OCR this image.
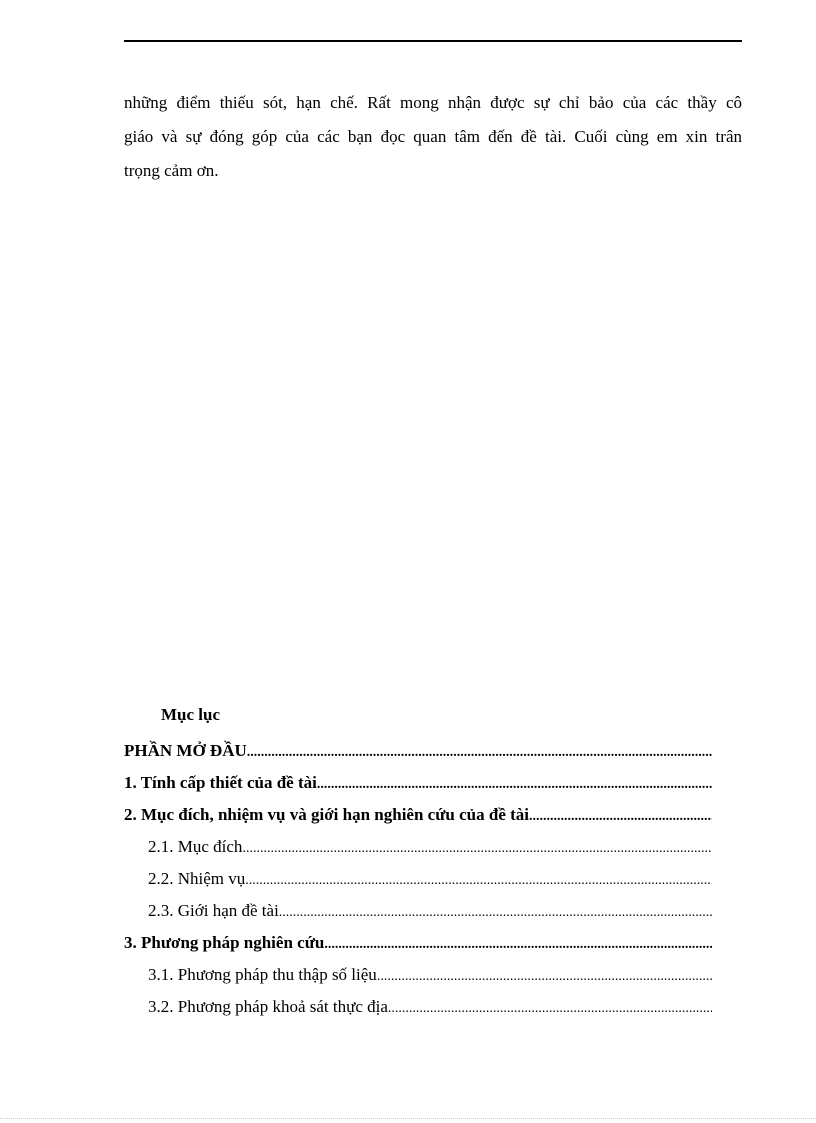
những điểm thiếu sót, hạn chế. Rất mong nhận được sự chỉ bảo của các thầy cô
giáo và sự đóng góp của các bạn đọc quan tâm đến đề tài. Cuối cùng em xin trân
trọng cảm ơn.
Mục lục
PHẦN MỞ ĐẦU
.....
1. Tính cấp thiết của đề tài
.....
2. Mục đích, nhiệm vụ và giới hạn nghiên cứu của đề tài
.....
2.1. Mục đích
.....
2.2. Nhiệm vụ
.....
2.3. Giới hạn đề tài
.....
3. Phương pháp nghiên cứu
.....
3.1. Phương pháp thu thập số liệu
.....
3.2. Phương pháp khoả sát thực địa
.....
